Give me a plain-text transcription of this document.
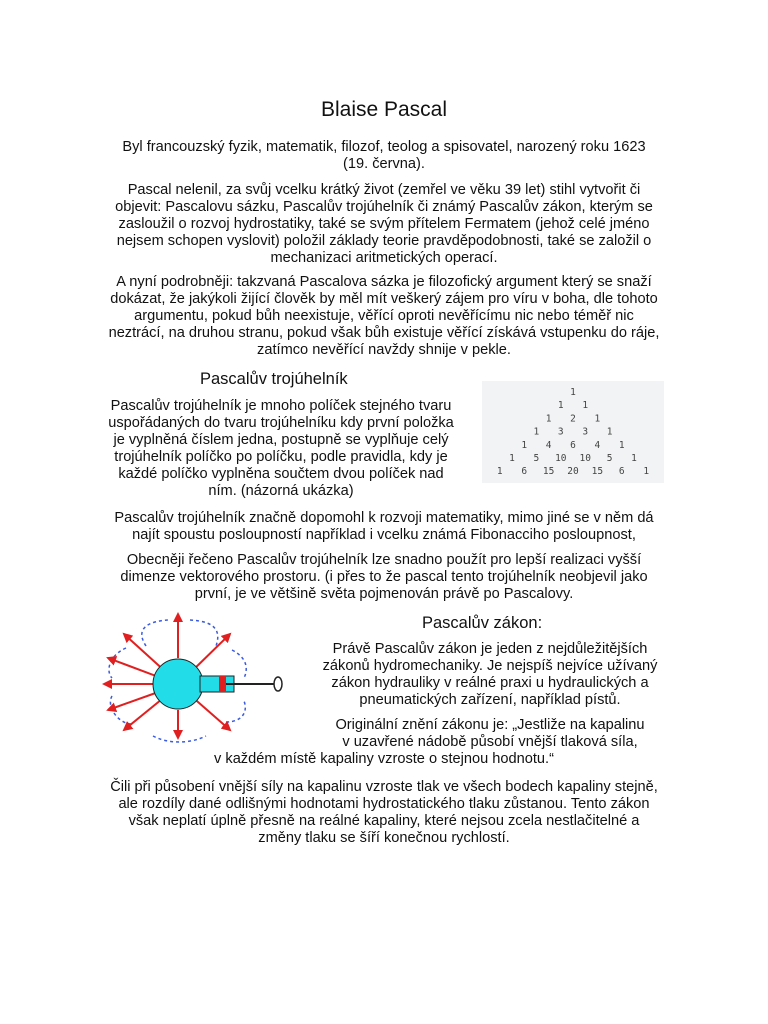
Blaise Pascal

Byl francouzský fyzik, matematik, filozof, teolog a spisovatel, narozený roku 1623
(19. června).

Pascal nelenil, za svůj vcelku krátký život (zemřel ve věku 39 let) stihl vytvořit či
objevit: Pascalovu sázku, Pascalův trojúhelník či známý Pascalův zákon, kterým se
zasloužil o rozvoj hydrostatiky, také se svým přítelem Fermatem (jehož celé jméno
nejsem schopen vyslovit) položil základy teorie pravděpodobnosti, také se založil o
mechanizaci aritmetických operací.

A nyní podrobněji: takzvaná Pascalova sázka je filozofický argument který se snaží
dokázat, že jakýkoli žijící člověk by měl mít veškerý zájem pro víru v boha, dle tohoto
argumentu, pokud bůh neexistuje, věřící oproti nevěřícímu nic nebo téměř nic
neztrácí, na druhou stranu, pokud však bůh existuje věřící získává vstupenku do ráje,
zatímco nevěřící navždy shnije v pekle.

Pascalův trojúhelník

Pascalův trojúhelník je mnoho políček stejného tvaru
uspořádaných do tvaru trojúhelníku kdy první položka
je vyplněná číslem jedna, postupně se vyplňuje celý
trojúhelník políčko po políčku, podle pravidla, kdy je
každé políčko vyplněna součtem dvou políček nad
ním. (názorná ukázka)

1
1 1
1 2 1
1 3 3 1
1 4 6 4 1
1 5 10 10 5 1
1 6 15 20 15 6 1

Pascalův trojúhelník značně dopomohl k rozvoji matematiky, mimo jiné se v něm dá
najít spoustu posloupností například i vcelku známá Fibonacciho posloupnost,

Obecněji řečeno Pascalův trojúhelník lze snadno použít pro lepší realizaci vyšší
dimenze vektorového prostoru. (i přes to že pascal tento trojúhelník neobjevil jako
první, je ve většině světa pojmenován právě po Pascalovy.

Pascalův zákon:

Právě Pascalův zákon je jeden z nejdůležitějších
zákonů hydromechaniky. Je nejspíš nejvíce užívaný
zákon hydrauliky v reálné praxi u hydraulických a
pneumatických zařízení, například pístů.

Originální znění zákonu je: „Jestliže na kapalinu

v uzavřené nádobě působí vnější tlaková síla,

v každém místě kapaliny vzroste o stejnou hodnotu.“

Čili při působení vnější síly na kapalinu vzroste tlak ve všech bodech kapaliny stejně,
ale rozdíly dané odlišnými hodnotami hydrostatického tlaku zůstanou. Tento zákon
však neplatí úplně přesně na reálné kapaliny, které nejsou zcela nestlačitelné a
změny tlaku se šíří konečnou rychlostí.
